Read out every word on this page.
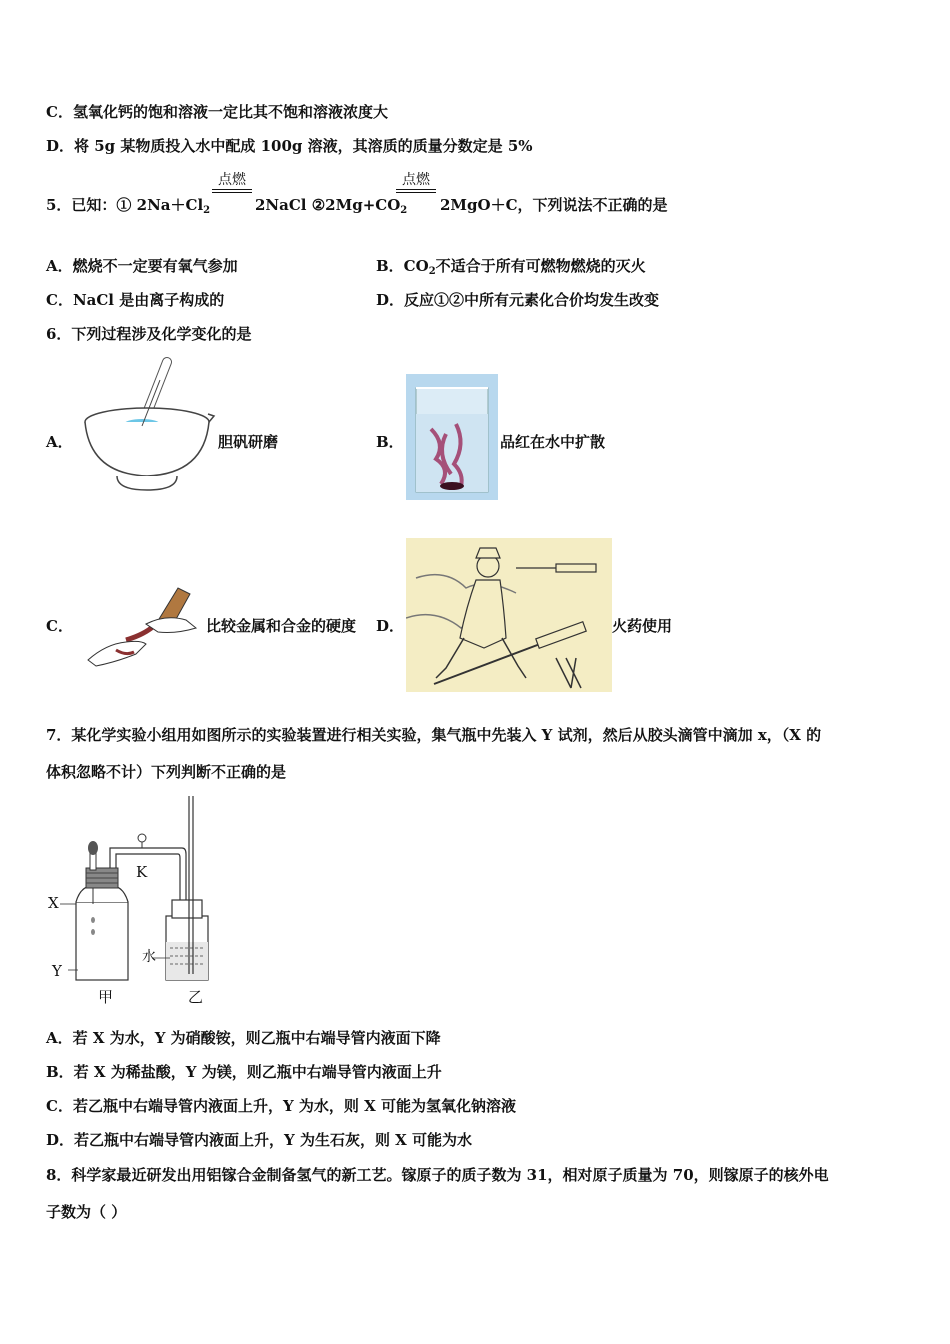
C．氢氧化钙的饱和溶液一定比其不饱和溶液浓度大
D．将 5g 某物质投入水中配成 100g 溶液，其溶质的质量分数定是 5%
5．已知：① $2Na+Cl_2$
点燃
2NaCl $②2Mg+CO_2$
点燃
2MgO＋C，下列说法不正确的是
A．燃烧不一定要有氧气参加	B．$CO_2$不适合于所有可燃物燃烧的灭火
C．NaCl 是由离子构成的	D．反应①②中所有元素化合价均发生改变
6．下列过程涉及化学变化的是
A．	胆矾研磨	B．	品红在水中扩散
C．	比较金属和合金的硬度 D．	火药使用
7．某化学实验小组用如图所示的实验装置进行相关实验，集气瓶中先装入 Y 试剂，然后从胶头滴管中滴加 x，（X 的
体积忽略不计）下列判断不正确的是
X
Y
K
水
甲	乙
A．若 X 为水，Y 为硝酸铵，则乙瓶中右端导管内液面下降
B．若 X 为稀盐酸，Y 为镁，则乙瓶中右端导管内液面上升
C．若乙瓶中右端导管内液面上升，Y 为水，则 X 可能为氢氧化钠溶液
D．若乙瓶中右端导管内液面上升，Y 为生石灰，则 X 可能为水
8．科学家最近研发出用铝镓合金制备氢气的新工艺。镓原子的质子数为 31，相对原子质量为 70，则镓原子的核外电
子数为（ ）
